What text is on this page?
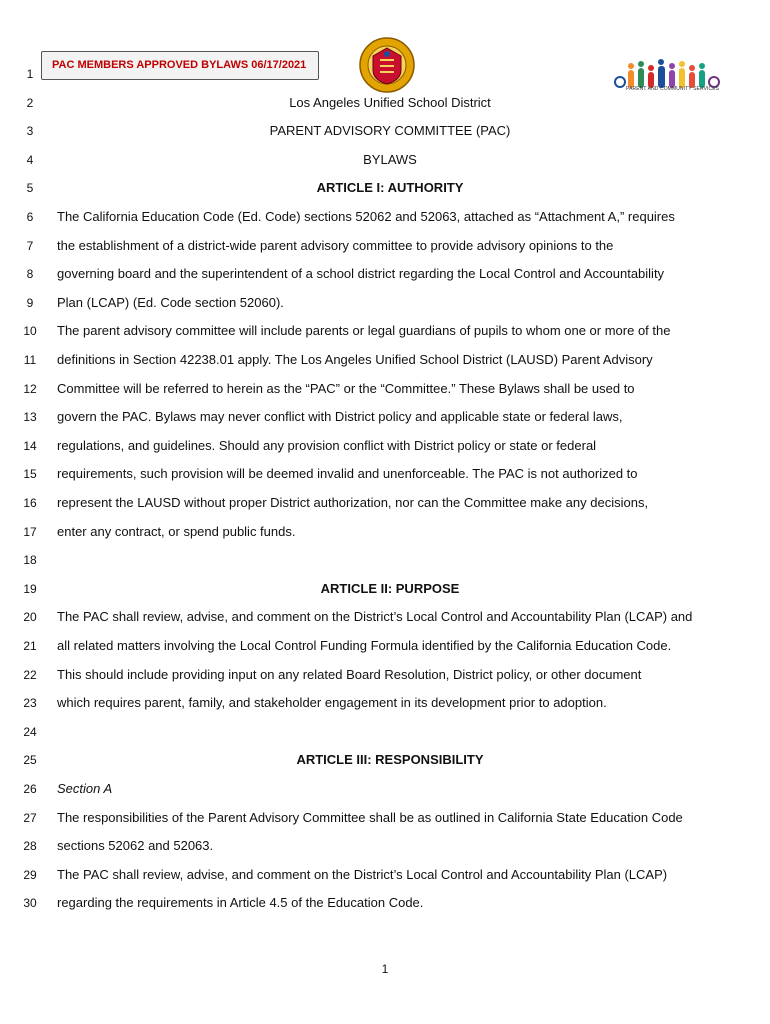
PAC MEMBERS APPROVED BYLAWS 06/17/2021
PARENT AND COMMUNITY SERVICES
1
2	Los Angeles Unified School District
3	PARENT ADVISORY COMMITTEE (PAC)
4	BYLAWS
5	ARTICLE I: AUTHORITY
6	The California Education Code (Ed. Code) sections 52062 and 52063, attached as “Attachment A,” requires
7	the establishment of a district-wide parent advisory committee to provide advisory opinions to the
8	governing board and the superintendent of a school district regarding the Local Control and Accountability
9	Plan (LCAP) (Ed. Code section 52060).
10 The parent advisory committee will include parents or legal guardians of pupils to whom one or more of the
11 definitions in Section 42238.01 apply. The Los Angeles Unified School District (LAUSD) Parent Advisory
12 Committee will be referred to herein as the “PAC” or the “Committee.” These Bylaws shall be used to
13 govern the PAC. Bylaws may never conflict with District policy and applicable state or federal laws,
14 regulations, and guidelines. Should any provision conflict with District policy or state or federal
15 requirements, such provision will be deemed invalid and unenforceable. The PAC is not authorized to
16 represent the LAUSD without proper District authorization, nor can the Committee make any decisions,
17 enter any contract, or spend public funds.
18
19	ARTICLE II: PURPOSE
20 The PAC shall review, advise, and comment on the District’s Local Control and Accountability Plan (LCAP) and
21 all related matters involving the Local Control Funding Formula identified by the California Education Code.
22 This should include providing input on any related Board Resolution, District policy, or other document
23 which requires parent, family, and stakeholder engagement in its development prior to adoption.
24
25	ARTICLE III: RESPONSIBILITY
26 Section A
27 The responsibilities of the Parent Advisory Committee shall be as outlined in California State Education Code
28 sections 52062 and 52063.
29 The PAC shall review, advise, and comment on the District’s Local Control and Accountability Plan (LCAP)
30 regarding the requirements in Article 4.5 of the Education Code.
1
